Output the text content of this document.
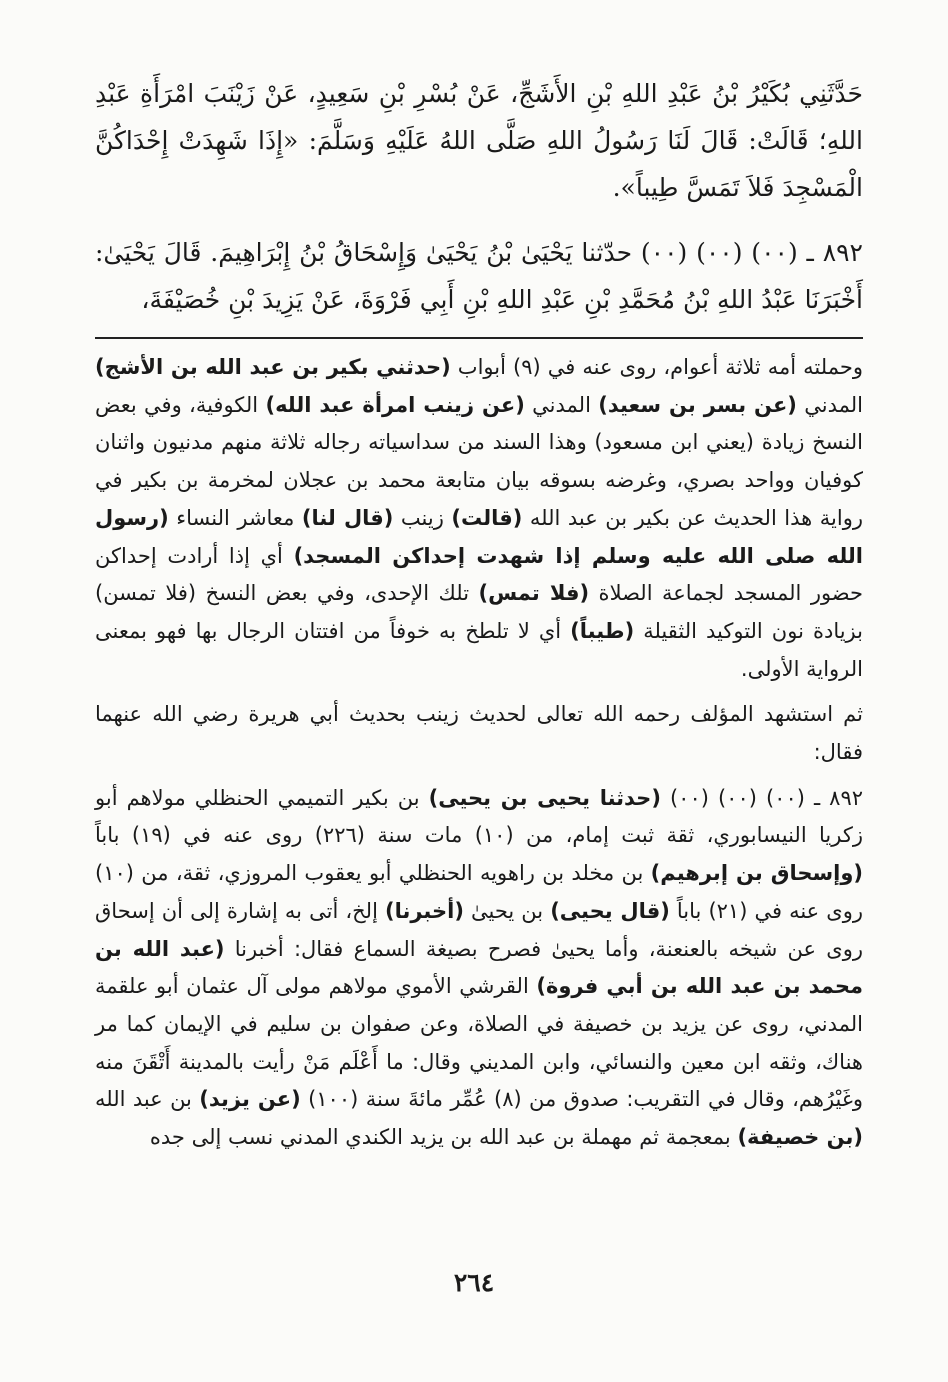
حَدَّثَنِي بُكَيْرُ بْنُ عَبْدِ اللهِ بْنِ الأَشَجِّ، عَنْ بُسْرِ بْنِ سَعِيدٍ، عَنْ زَيْنَبَ امْرَأَةِ عَبْدِ اللهِ؛ قَالَتْ: قَالَ لَنَا رَسُولُ اللهِ صَلَّى اللهُ عَلَيْهِ وَسَلَّمَ: «إِذَا شَهِدَتْ إِحْدَاكُنَّ الْمَسْجِدَ فَلاَ تَمَسَّ طِيباً».

٨٩٢ ـ (٠٠) (٠٠) (٠٠) حدّثنا يَحْيَىٰ بْنُ يَحْيَىٰ وَإِسْحَاقُ بْنُ إِبْرَاهِيمَ. قَالَ يَحْيَىٰ: أَخْبَرَنَا عَبْدُ اللهِ بْنُ مُحَمَّدِ بْنِ عَبْدِ اللهِ بْنِ أَبِي فَرْوَةَ، عَنْ يَزِيدَ بْنِ خُصَيْفَةَ،

وحملته أمه ثلاثة أعوام، روى عنه في (٩) أبواب (حدثني بكير بن عبد الله بن الأشج) المدني (عن بسر بن سعيد) المدني (عن زينب امرأة عبد الله) الكوفية، وفي بعض النسخ زيادة (يعني ابن مسعود) وهذا السند من سداسياته رجاله ثلاثة منهم مدنيون واثنان كوفيان وواحد بصري، وغرضه بسوقه بيان متابعة محمد بن عجلان لمخرمة بن بكير في رواية هذا الحديث عن بكير بن عبد الله (قالت) زينب (قال لنا) معاشر النساء (رسول الله صلى الله عليه وسلم إذا شهدت إحداكن المسجد) أي إذا أرادت إحداكن حضور المسجد لجماعة الصلاة (فلا تمس) تلك الإحدى، وفي بعض النسخ (فلا تمسن) بزيادة نون التوكيد الثقيلة (طيباً) أي لا تلطخ به خوفاً من افتتان الرجال بها فهو بمعنى الرواية الأولى.

ثم استشهد المؤلف رحمه الله تعالى لحديث زينب بحديث أبي هريرة رضي الله عنهما فقال:

٨٩٢ ـ (٠٠) (٠٠) (٠٠) (حدثنا يحيى بن يحيى) بن بكير التميمي الحنظلي مولاهم أبو زكريا النيسابوري، ثقة ثبت إمام، من (١٠) مات سنة (٢٢٦) روى عنه في (١٩) باباً (وإسحاق بن إبرهيم) بن مخلد بن راهويه الحنظلي أبو يعقوب المروزي، ثقة، من (١٠) روى عنه في (٢١) باباً (قال يحيى) بن يحيىٰ (أخبرنا) إلخ، أتى به إشارة إلى أن إسحاق روى عن شيخه بالعنعنة، وأما يحيىٰ فصرح بصيغة السماع فقال: أخبرنا (عبد الله بن محمد بن عبد الله بن أبي فروة) القرشي الأموي مولاهم مولى آل عثمان أبو علقمة المدني، روى عن يزيد بن خصيفة في الصلاة، وعن صفوان بن سليم في الإيمان كما مر هناك، وثقه ابن معين والنسائي، وابن المديني وقال: ما أَعْلَم مَنْ رأيت بالمدينة أَتْقَنَ منه وغَيْرُهم، وقال في التقريب: صدوق من (٨) عُمِّر مائةَ سنة (١٠٠) (عن يزيد) بن عبد الله (بن خصيفة) بمعجمة ثم مهملة بن عبد الله بن يزيد الكندي المدني نسب إلى جده

٢٦٤
